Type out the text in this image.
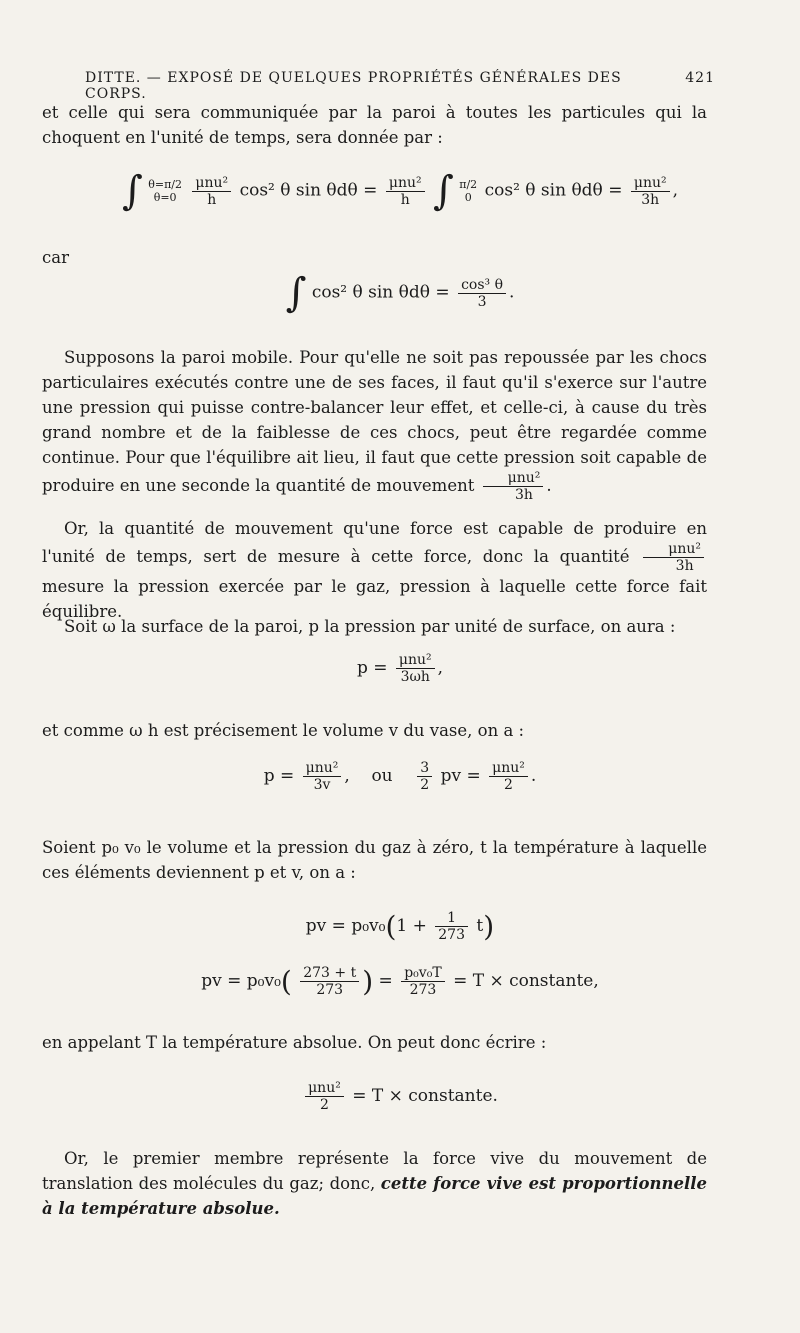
DITTE. — EXPOSÉ DE QUELQUES PROPRIÉTÉS GÉNÉRALES DES CORPS.
421
et celle qui sera communiquée par la paroi à toutes les particules qui la choquent en l'unité de temps, sera donnée par :
∫ θ=π/2
$\theta=0 \frac{\text{μnu²}}{h} \cos^2$ θ $\sin \theta d\theta = \frac{\text{μnu²}}{h}$ ∫ π/2
0 cos² θ $\sin \theta d\theta = \frac{\text{μnu²}}{3h}$ ,
car
∫ cos² θ $\sin \theta d\theta = \frac{\text{cos³ θ}}{3}$ .
Supposons la paroi mobile. Pour qu'elle ne soit pas repoussée par les chocs particulaires exécutés contre une de ses faces, il faut qu'il s'exerce sur l'autre une pression qui puisse contre-balancer leur effet, et celle-ci, à cause du très grand nombre et de la faiblesse de ces chocs, peut être regardée comme continue. Pour que l'équilibre ait lieu, il faut que cette pression soit capable de produire en une seconde la quantité de mouvement $\frac{\text{μnu²}}{3h}$ .
Or, la quantité de mouvement qu'une force est capable de produire en l'unité de temps, sert de mesure à cette force, donc la quantité $\frac{\text{μnu²}}{3h}$
mesure la pression exercée par le gaz, pression à laquelle cette force fait équilibre.
Soit ω la surface de la paroi, p la pression par unité de surface, on aura :
$p = \frac{\text{μnu²}}{3\omega h}$ ,
et comme ω h est précisement le volume v du vase, on a :
$p = \frac{\text{μnu²}}{3v}$ ,    ou $\frac{3}{2}$ pv = $\frac{\text{μnu²}}{2}$ .
Soient p₀ v₀ le volume et la pression du gaz à zéro, t la température à laquelle ces éléments deviennent p et v, on a :
pv = $p_0v_0(1 + \frac{1}{273} t)$
pv = $p_0v_0( \frac{273 + t}{273}$ ) = $\frac{\text{p₀v₀T}}{273} = T$ × constante,
en appelant T la température absolue. On peut donc écrire :
$\frac{\text{μnu²}}{2} = T$ × constante.
Or, le premier membre représente la force vive du mouvement de translation des molécules du gaz; donc, cette force vive est proportionnelle à la température absolue.
